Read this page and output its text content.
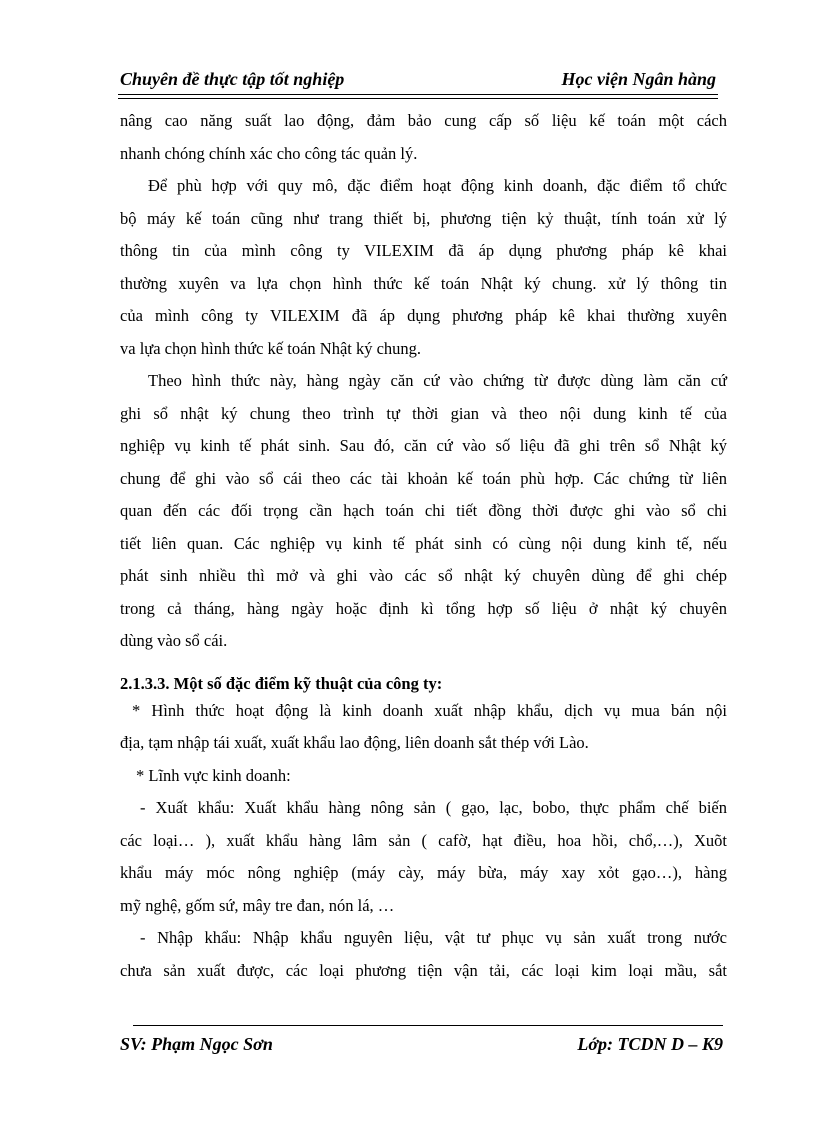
Chuyên đề thực tập tốt nghiệp	Học viện Ngân hàng
nâng cao năng suất lao động, đảm bảo cung cấp số liệu kế toán một cách
nhanh chóng chính xác cho công tác quản lý.
Để phù hợp với quy mô, đặc điểm hoạt động kinh doanh, đặc điểm tổ chức
bộ máy kế toán cũng như trang thiết bị, phương tiện kỷ thuật, tính toán xử lý
thông tin của mình công ty VILEXIM đã áp dụng phương pháp kê khai
thường xuyên va lựa chọn hình thức kế toán Nhật ký chung. xử lý thông tin
của mình công ty VILEXIM đã áp dụng phương pháp kê khai thường xuyên
va lựa chọn hình thức kế toán Nhật ký chung.
Theo hình thức này, hàng ngày căn cứ vào chứng từ được dùng làm căn cứ
ghi sổ nhật ký chung theo trình tự thời gian và theo nội dung kinh tế của
nghiệp vụ kinh tế phát sinh. Sau đó, căn cứ vào số liệu đã ghi trên sổ Nhật ký
chung để ghi vào sổ cái theo các tài khoản kế toán phù hợp. Các chứng từ liên
quan đến các đối trọng cần hạch toán chi tiết đồng thời được ghi vào sổ chi
tiết liên quan. Các nghiệp vụ kinh tế phát sinh có cùng nội dung kinh tế, nếu
phát sinh nhiều thì mở và ghi vào các sổ nhật ký chuyên dùng để ghi chép
trong cả tháng, hàng ngày hoặc định kì tổng hợp số liệu ở nhật ký chuyên
dùng vào sổ cái.
2.1.3.3. Một số đặc điểm kỹ thuật của công ty:
* Hình thức hoạt động là kinh doanh xuất nhập khẩu, dịch vụ mua bán nội
địa, tạm nhập tái xuất, xuất khẩu lao động, liên doanh sắt thép với Lào.
* Lĩnh vực kinh doanh:
- Xuất khẩu: Xuất khẩu hàng nông sản ( gạo, lạc, bobo, thực phẩm chế biến
các loại… ), xuất khẩu hàng lâm sản ( cafờ, hạt điều, hoa hồi, chổ,…), Xuõt
khẩu máy móc nông nghiệp (máy cày, máy bừa, máy xay xỏt gạo…), hàng
mỹ nghệ, gốm sứ, mây tre đan, nón lá, …
- Nhập khẩu: Nhập khẩu nguyên liệu, vật tư phục vụ sản xuất trong nước
chưa sản xuất được, các loại phương tiện vận tải, các loại kim loại mầu, sắt
SV: Phạm Ngọc Sơn	Lớp: TCDN D – K9
